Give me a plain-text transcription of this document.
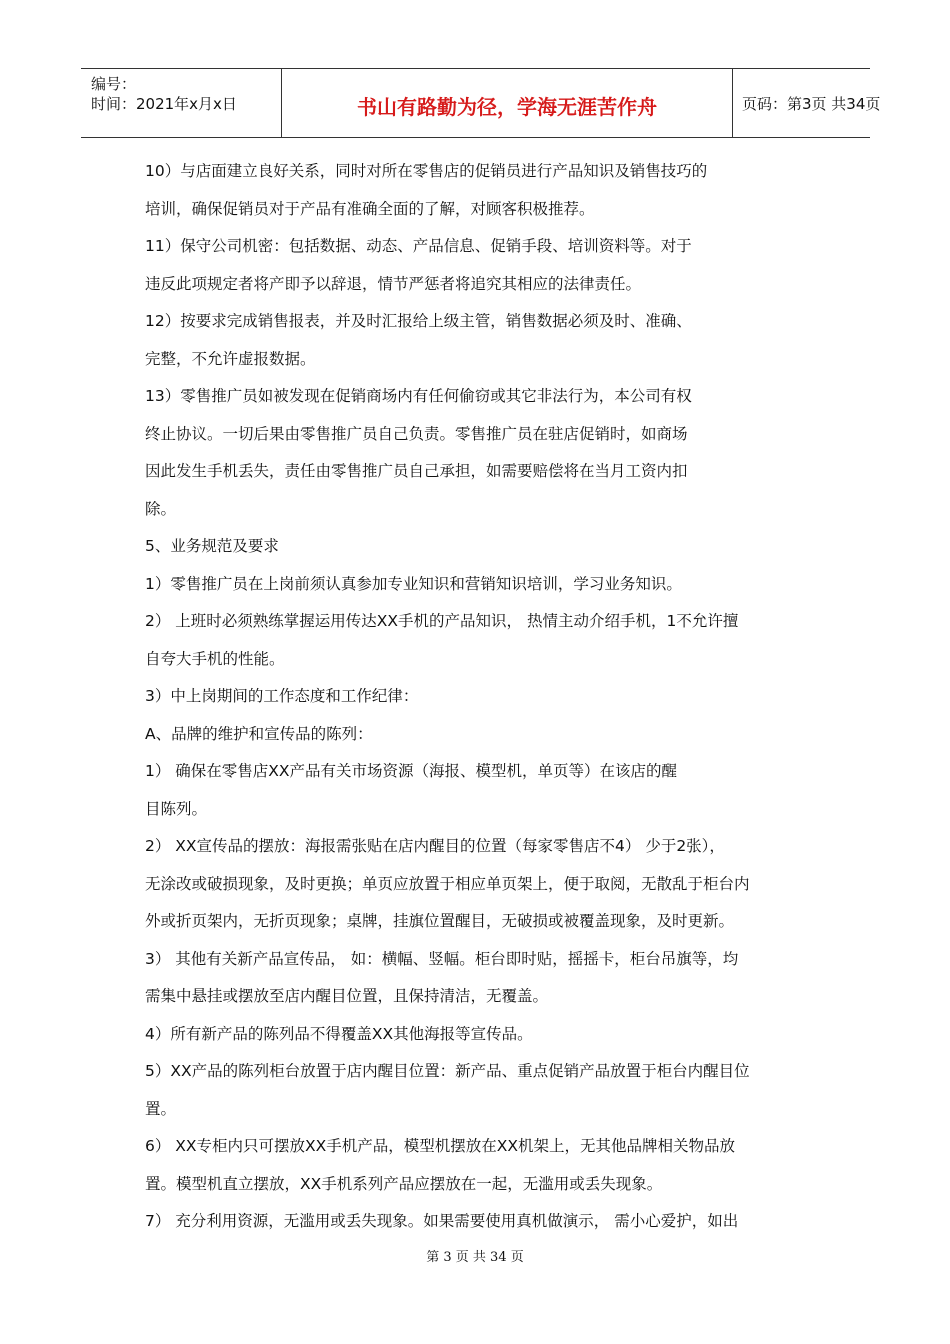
编号：
时间：2021年x月x日	书山有路勤为径，学海无涯苦作舟	页码：第3页 共34页
10）与店面建立良好关系，同时对所在零售店的促销员进行产品知识及销售技巧的
培训，确保促销员对于产品有准确全面的了解，对顾客积极推荐。
11）保守公司机密：包括数据、动态、产品信息、促销手段、培训资料等。对于
违反此项规定者将产即予以辞退，情节严惩者将追究其相应的法律责任。
12）按要求完成销售报表，并及时汇报给上级主管，销售数据必须及时、准确、
完整，不允许虚报数据。
13）零售推广员如被发现在促销商场内有任何偷窃或其它非法行为，本公司有权
终止协议。一切后果由零售推广员自己负责。零售推广员在驻店促销时，如商场
因此发生手机丢失，责任由零售推广员自己承担，如需要赔偿将在当月工资内扣
除。
5、业务规范及要求
1）零售推广员在上岗前须认真参加专业知识和营销知识培训，学习业务知识。
2） 上班时必须熟练掌握运用传达XX手机的产品知识， 热情主动介绍手机，1不允许擅
自夸大手机的性能。
3）中上岗期间的工作态度和工作纪律：
A、品牌的维护和宣传品的陈列：
1） 确保在零售店XX产品有关市场资源（海报、模型机，单页等）在该店的醒
目陈列。
2） XX宣传品的摆放：海报需张贴在店内醒目的位置（每家零售店不4） 少于2张），
无涂改或破损现象，及时更换；单页应放置于相应单页架上，便于取阅，无散乱于柜台内
外或折页架内，无折页现象；桌牌，挂旗位置醒目，无破损或被覆盖现象，及时更新。
3） 其他有关新产品宣传品， 如：横幅、竖幅。柜台即时贴，摇摇卡，柜台吊旗等，均
需集中悬挂或摆放至店内醒目位置，且保持清洁，无覆盖。
4）所有新产品的陈列品不得覆盖XX其他海报等宣传品。
5）XX产品的陈列柜台放置于店内醒目位置：新产品、重点促销产品放置于柜台内醒目位
置。
6） XX专柜内只可摆放XX手机产品，模型机摆放在XX机架上，无其他品牌相关物品放
置。模型机直立摆放，XX手机系列产品应摆放在一起，无滥用或丢失现象。
7） 充分利用资源，无滥用或丢失现象。如果需要使用真机做演示， 需小心爱护，如出
第 3 页 共 34 页
